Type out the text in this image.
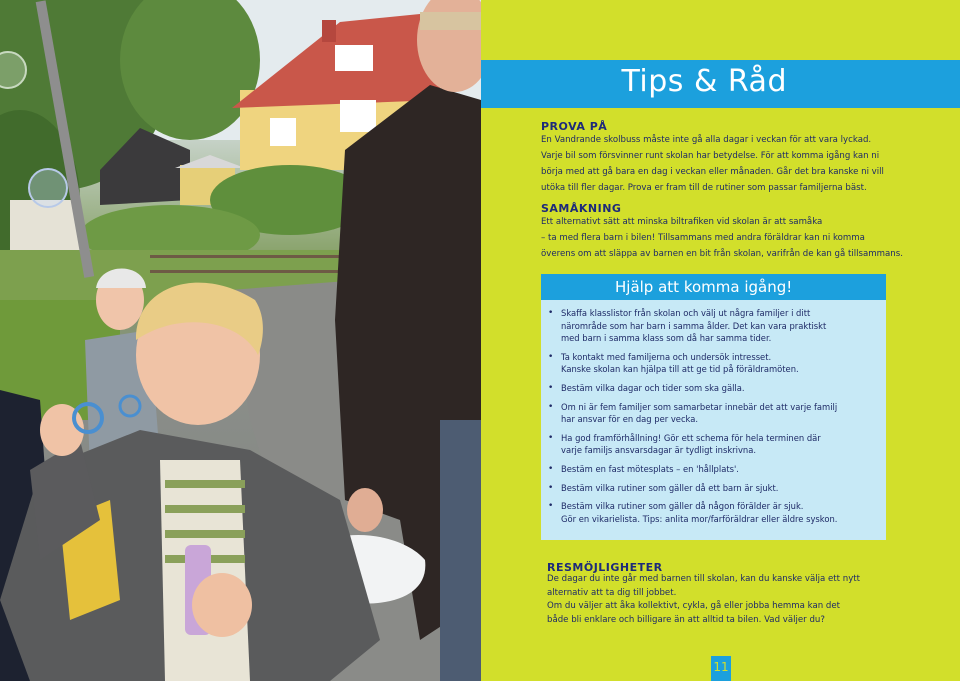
Tips & Råd
PROVA PÅ
En Vandrande skolbuss måste inte gå alla dagar i veckan för att vara lyckad.
Varje bil som försvinner runt skolan har betydelse. För att komma igång kan ni
börja med att gå bara en dag i veckan eller månaden. Går det bra kanske ni vill
utöka till fler dagar. Prova er fram till de rutiner som passar familjerna bäst.
SAMÅKNING
Ett alternativt sätt att minska biltrafiken vid skolan är att samåka
– ta med flera barn i bilen! Tillsammans med andra föräldrar kan ni komma
överens om att släppa av barnen en bit från skolan, varifrån de kan gå tillsammans.
Hjälp att komma igång!
• Skaffa klasslistor från skolan och välj ut några familjer i ditt
närområde som har barn i samma ålder. Det kan vara praktiskt
med barn i samma klass som då har samma tider.
• Ta kontakt med familjerna och undersök intresset.
Kanske skolan kan hjälpa till att ge tid på föräldramöten.
• Bestäm vilka dagar och tider som ska gälla.
• Om ni är fem familjer som samarbetar innebär det att varje familj
har ansvar för en dag per vecka.
• Ha god framförhållning! Gör ett schema för hela terminen där
varje familjs ansvarsdagar är tydligt inskrivna.
• Bestäm en fast mötesplats – en 'hållplats'.
• Bestäm vilka rutiner som gäller då ett barn är sjukt.
• Bestäm vilka rutiner som gäller då någon förälder är sjuk.
Gör en vikarielista. Tips: anlita mor/farföräldrar eller äldre syskon.
RESMÖJLIGHETER
De dagar du inte går med barnen till skolan, kan du kanske välja ett nytt
alternativ att ta dig till jobbet.
Om du väljer att åka kollektivt, cykla, gå eller jobba hemma kan det
både bli enklare och billigare än att alltid ta bilen. Vad väljer du?
11
